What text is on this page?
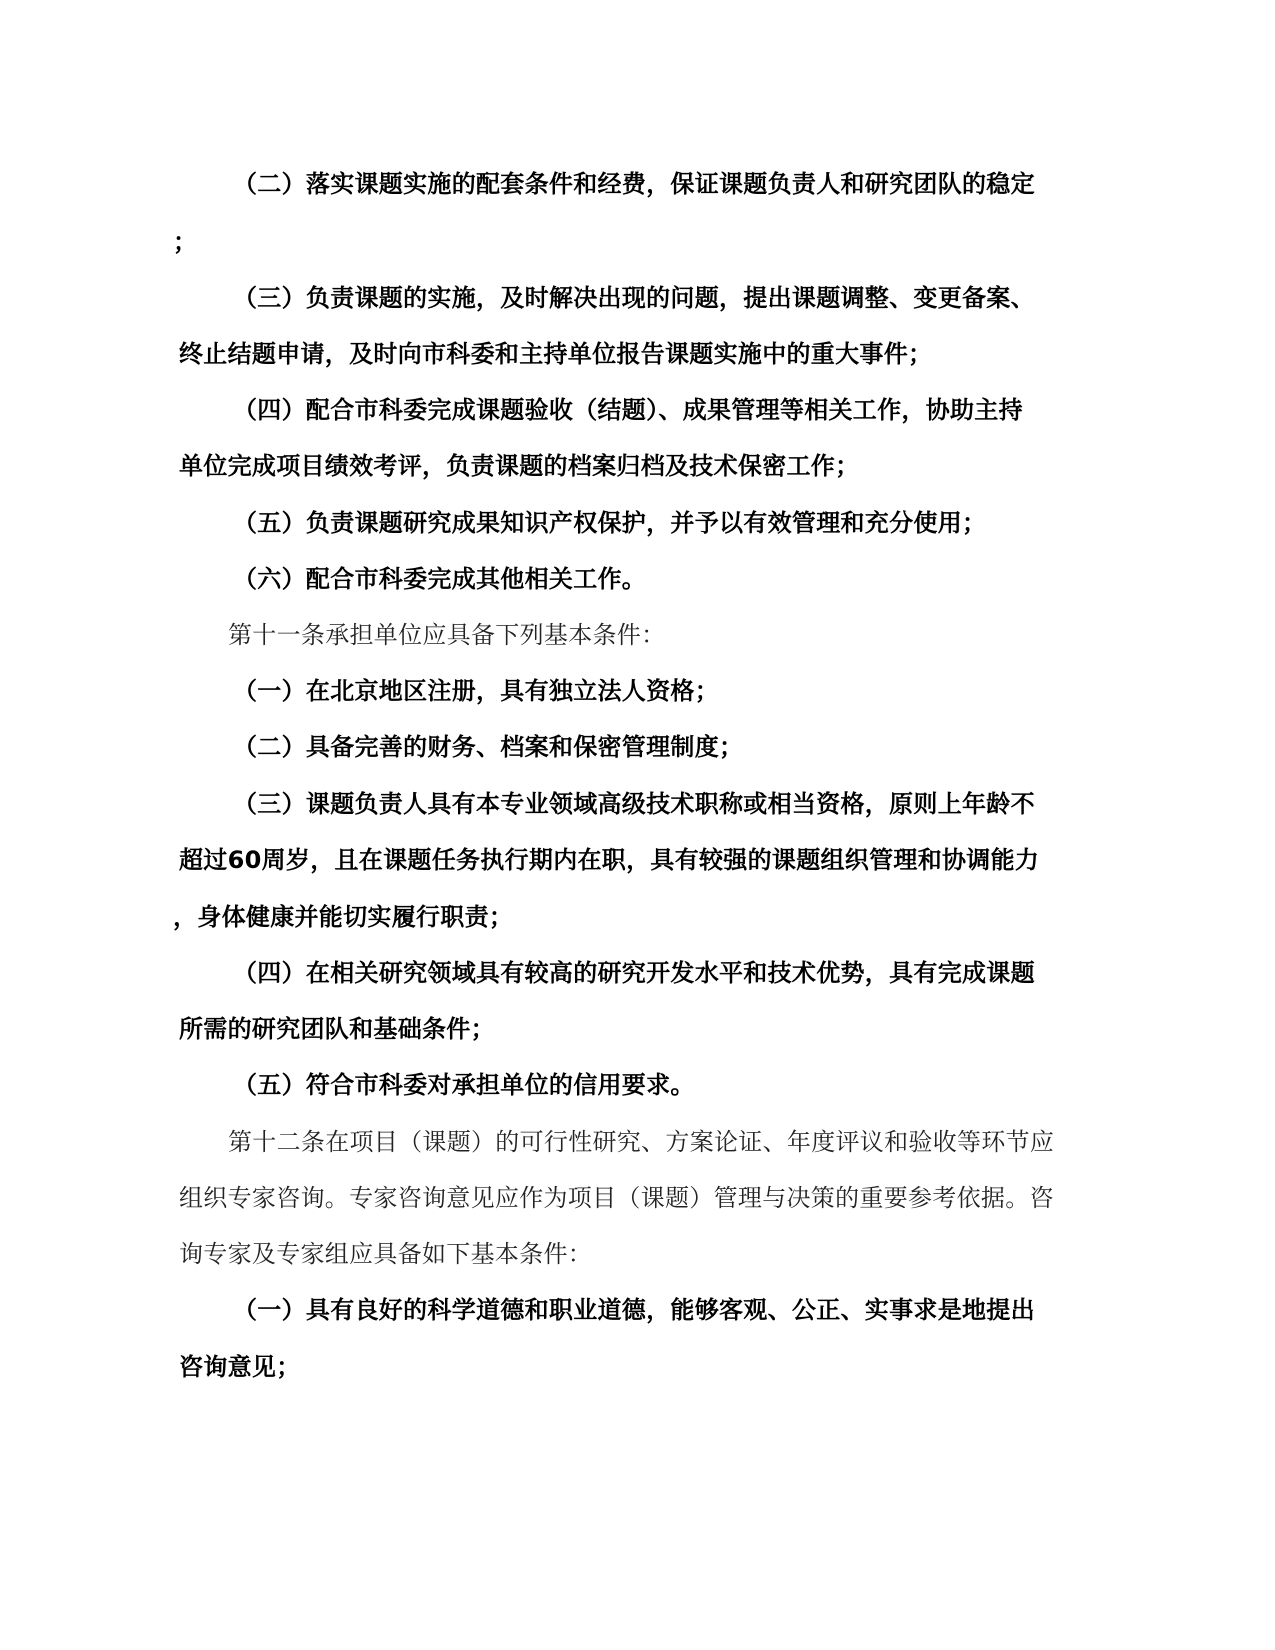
（二）落实课题实施的配套条件和经费，保证课题负责人和研究团队的稳定
；
（三）负责课题的实施，及时解决出现的问题，提出课题调整、变更备案、
终止结题申请，及时向市科委和主持单位报告课题实施中的重大事件；
（四）配合市科委完成课题验收（结题）、成果管理等相关工作，协助主持
单位完成项目绩效考评，负责课题的档案归档及技术保密工作；
（五）负责课题研究成果知识产权保护，并予以有效管理和充分使用；
（六）配合市科委完成其他相关工作。
第十一条承担单位应具备下列基本条件：
（一）在北京地区注册，具有独立法人资格；
（二）具备完善的财务、档案和保密管理制度；
（三）课题负责人具有本专业领域高级技术职称或相当资格，原则上年龄不
超过60周岁，且在课题任务执行期内在职，具有较强的课题组织管理和协调能力
，身体健康并能切实履行职责；
（四）在相关研究领域具有较高的研究开发水平和技术优势，具有完成课题
所需的研究团队和基础条件；
（五）符合市科委对承担单位的信用要求。
第十二条在项目（课题）的可行性研究、方案论证、年度评议和验收等环节应
组织专家咨询。专家咨询意见应作为项目（课题）管理与决策的重要参考依据。咨
询专家及专家组应具备如下基本条件：
（一）具有良好的科学道德和职业道德，能够客观、公正、实事求是地提出
咨询意见；
